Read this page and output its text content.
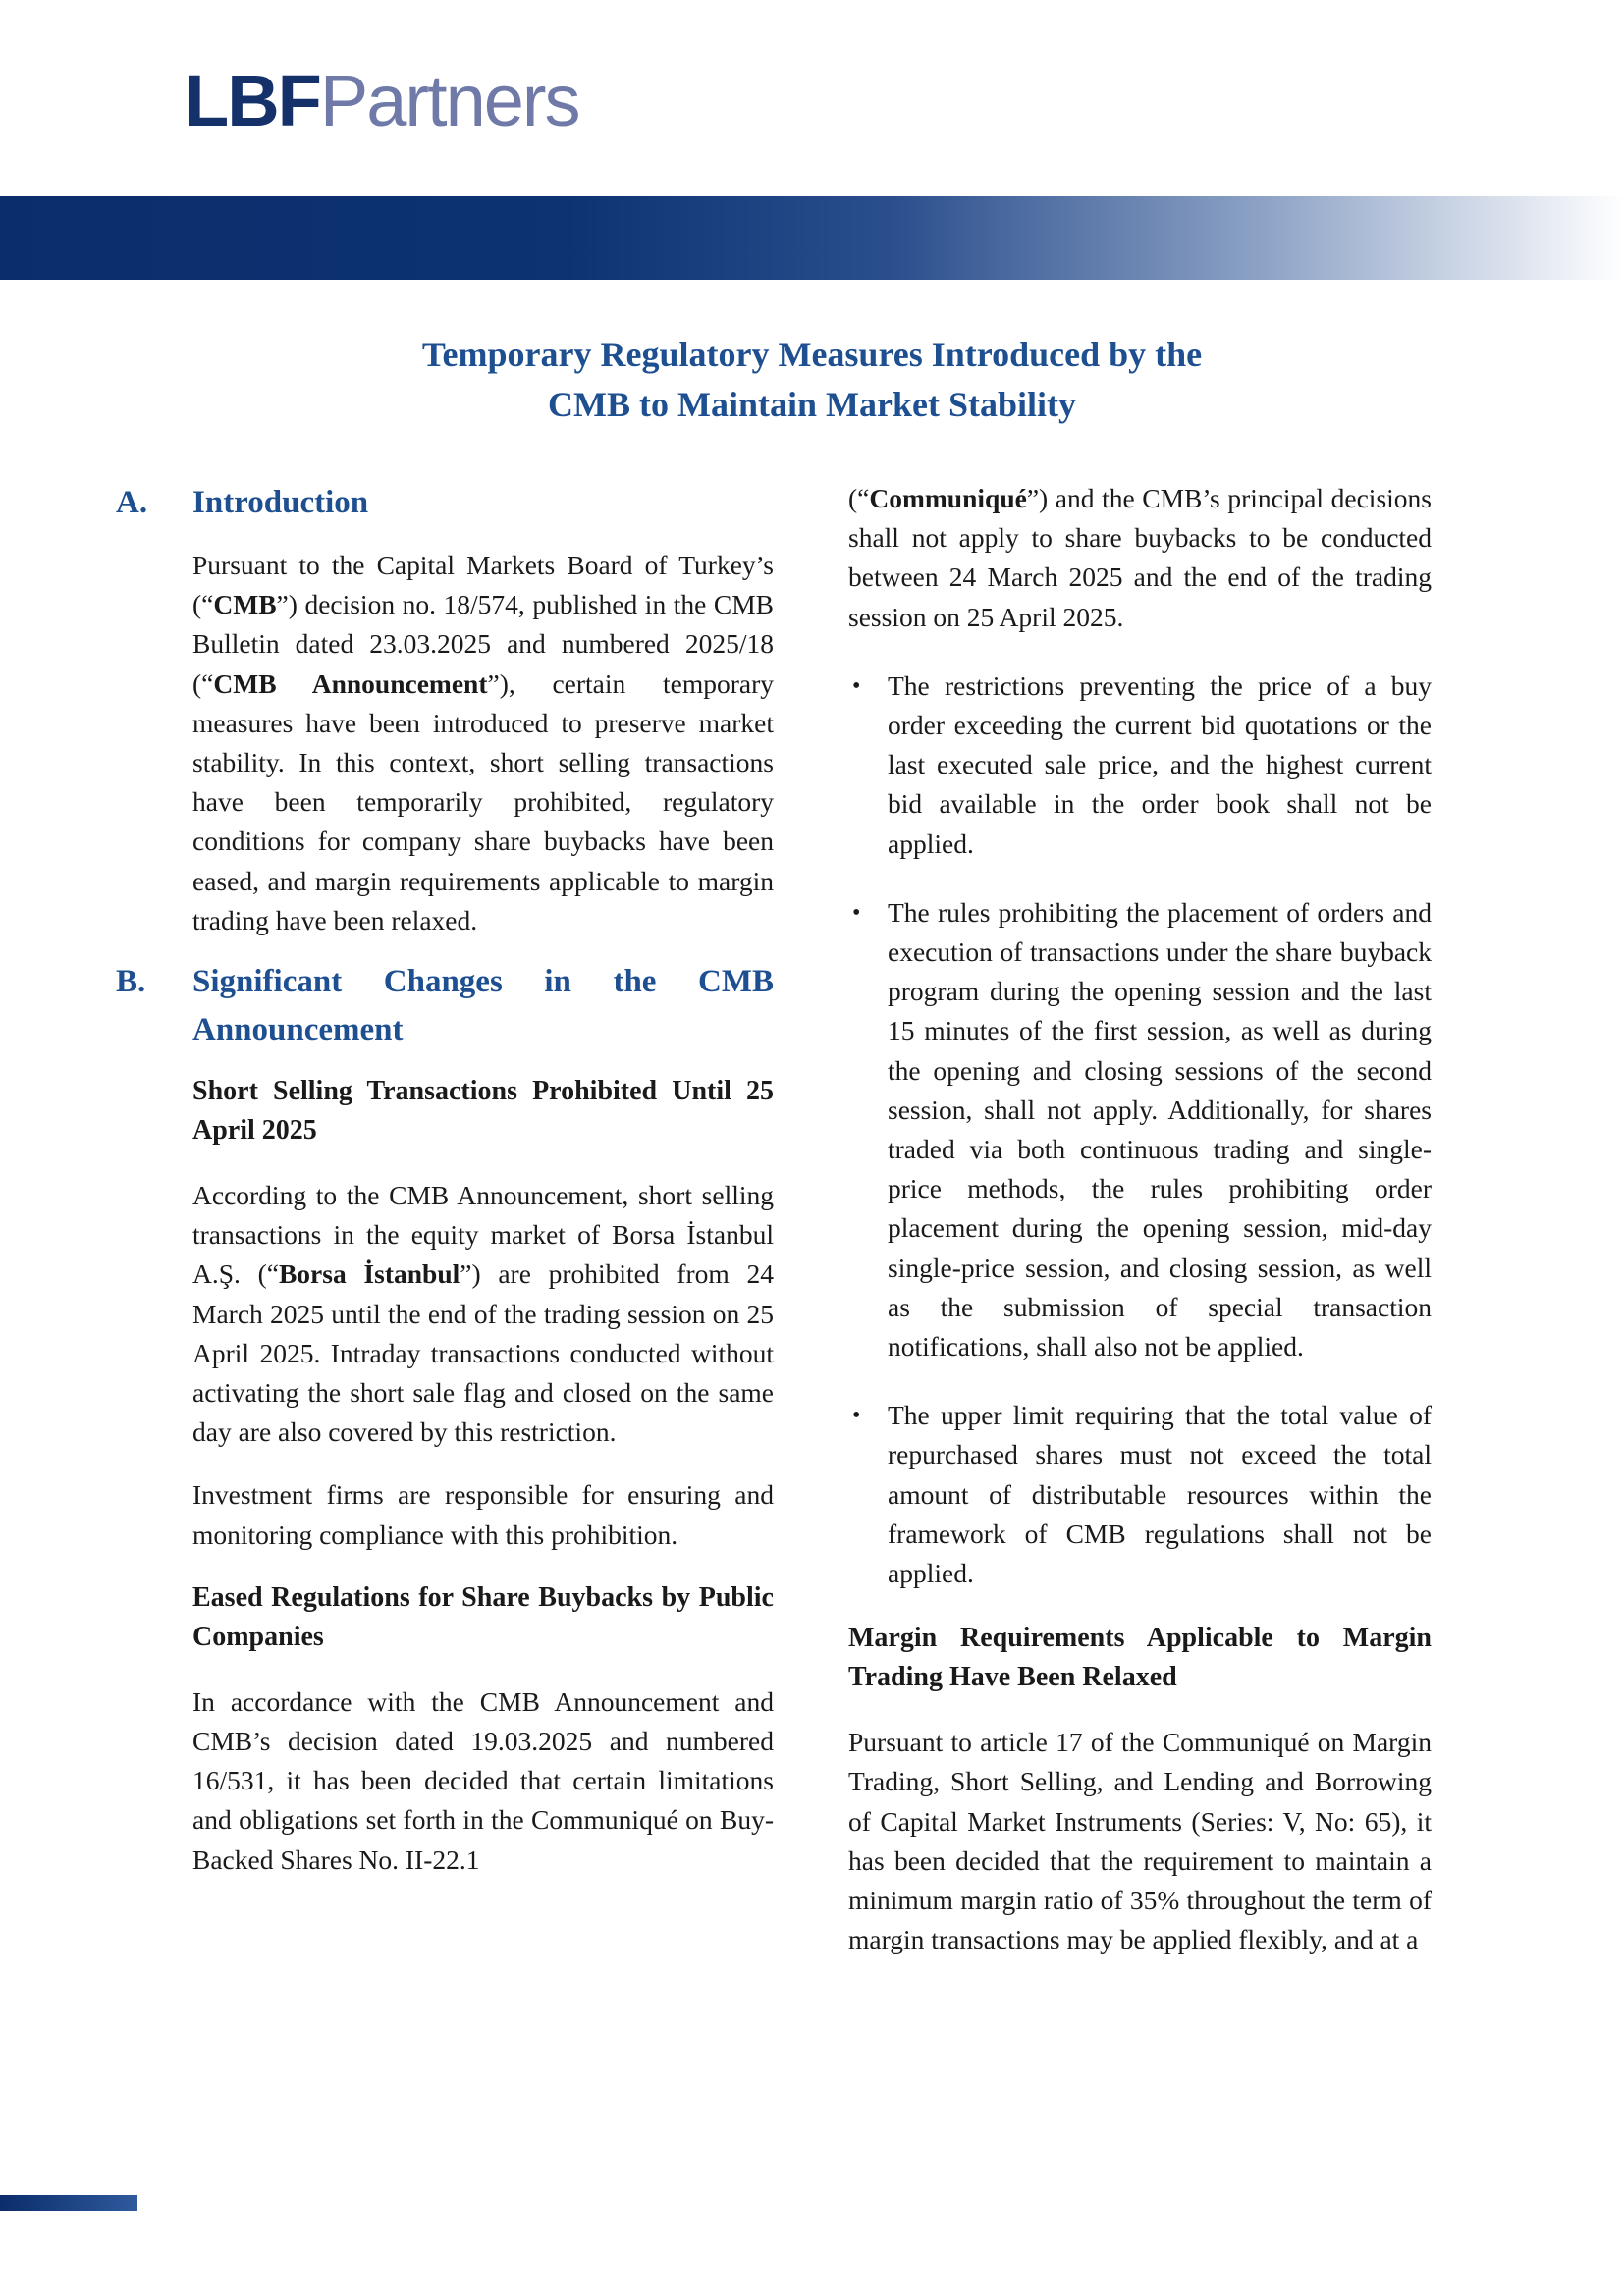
LBFPartners
Temporary Regulatory Measures Introduced by the
CMB to Maintain Market Stability
A.	Introduction

Pursuant to the Capital Markets Board of Turkey’s (“CMB”) decision no. 18/574, published in the CMB Bulletin dated 23.03.2025 and numbered 2025/18 (“CMB Announcement”), certain temporary measures have been introduced to preserve market stability. In this context, short selling transactions have been temporarily prohibited, regulatory conditions for company share buybacks have been eased, and margin requirements applicable to margin trading have been relaxed.

B.	Significant Changes in the CMB Announcement
Short Selling Transactions Prohibited Until 25 April 2025

According to the CMB Announcement, short selling transactions in the equity market of Borsa İstanbul A.Ş. (“Borsa İstanbul”) are prohibited from 24 March 2025 until the end of the trading session on 25 April 2025. Intraday transactions conducted without activating the short sale flag and closed on the same day are also covered by this restriction.

Investment firms are responsible for ensuring and monitoring compliance with this prohibition.

Eased Regulations for Share Buybacks by Public Companies

In accordance with the CMB Announcement and CMB’s decision dated 19.03.2025 and numbered 16/531, it has been decided that certain limitations and obligations set forth in the Communiqué on Buy-Backed Shares No. II-22.1

(“Communiqué”) and the CMB’s principal decisions shall not apply to share buybacks to be conducted between 24 March 2025 and the end of the trading session on 25 April 2025.

• The restrictions preventing the price of a buy order exceeding the current bid quotations or the last executed sale price, and the highest current bid available in the order book shall not be applied.
• The rules prohibiting the placement of orders and execution of transactions under the share buyback program during the opening session and the last 15 minutes of the first session, as well as during the opening and closing sessions of the second session, shall not apply. Additionally, for shares traded via both continuous trading and single-price methods, the rules prohibiting order placement during the opening session, mid-day single-price session, and closing session, as well as the submission of special transaction notifications, shall also not be applied.
• The upper limit requiring that the total value of repurchased shares must not exceed the total amount of distributable resources within the framework of CMB regulations shall not be applied.
Margin Requirements Applicable to Margin Trading Have Been Relaxed

Pursuant to article 17 of the Communiqué on Margin Trading, Short Selling, and Lending and Borrowing of Capital Market Instruments (Series: V, No: 65), it has been decided that the requirement to maintain a minimum margin ratio of 35% throughout the term of margin transactions may be applied flexibly, and at a
